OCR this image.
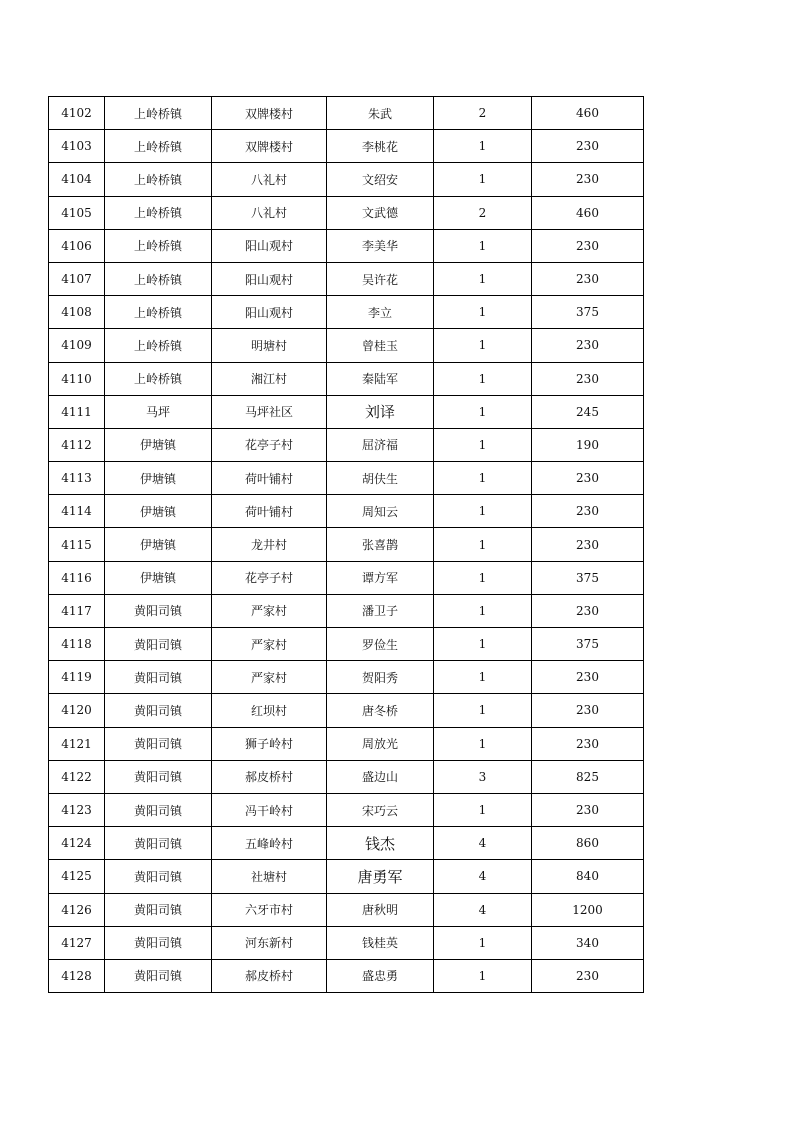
4102	上岭桥镇	双牌楼村	朱武	2	460
4103	上岭桥镇	双牌楼村	李桃花	1	230
4104	上岭桥镇	八礼村	文绍安	1	230
4105	上岭桥镇	八礼村	文武德	2	460
4106	上岭桥镇	阳山观村	李美华	1	230
4107	上岭桥镇	阳山观村	吴许花	1	230
4108	上岭桥镇	阳山观村	李立	1	375
4109	上岭桥镇	明塘村	曾桂玉	1	230
4110	上岭桥镇	湘江村	秦陆军	1	230
4111	马坪	马坪社区	刘译	1	245
4112	伊塘镇	花亭子村	屈济福	1	190
4113	伊塘镇	荷叶铺村	胡伕生	1	230
4114	伊塘镇	荷叶铺村	周知云	1	230
4115	伊塘镇	龙井村	张喜鹊	1	230
4116	伊塘镇	花亭子村	谭方军	1	375
4117	黄阳司镇	严家村	潘卫子	1	230
4118	黄阳司镇	严家村	罗俭生	1	375
4119	黄阳司镇	严家村	贺阳秀	1	230
4120	黄阳司镇	红坝村	唐冬桥	1	230
4121	黄阳司镇	狮子岭村	周放光	1	230
4122	黄阳司镇	郝皮桥村	盛边山	3	825
4123	黄阳司镇	冯干岭村	宋巧云	1	230
4124	黄阳司镇	五峰岭村	钱杰	4	860
4125	黄阳司镇	社塘村	唐勇军	4	840
4126	黄阳司镇	六牙市村	唐秋明	4	1200
4127	黄阳司镇	河东新村	钱桂英	1	340
4128	黄阳司镇	郝皮桥村	盛忠勇	1	230
